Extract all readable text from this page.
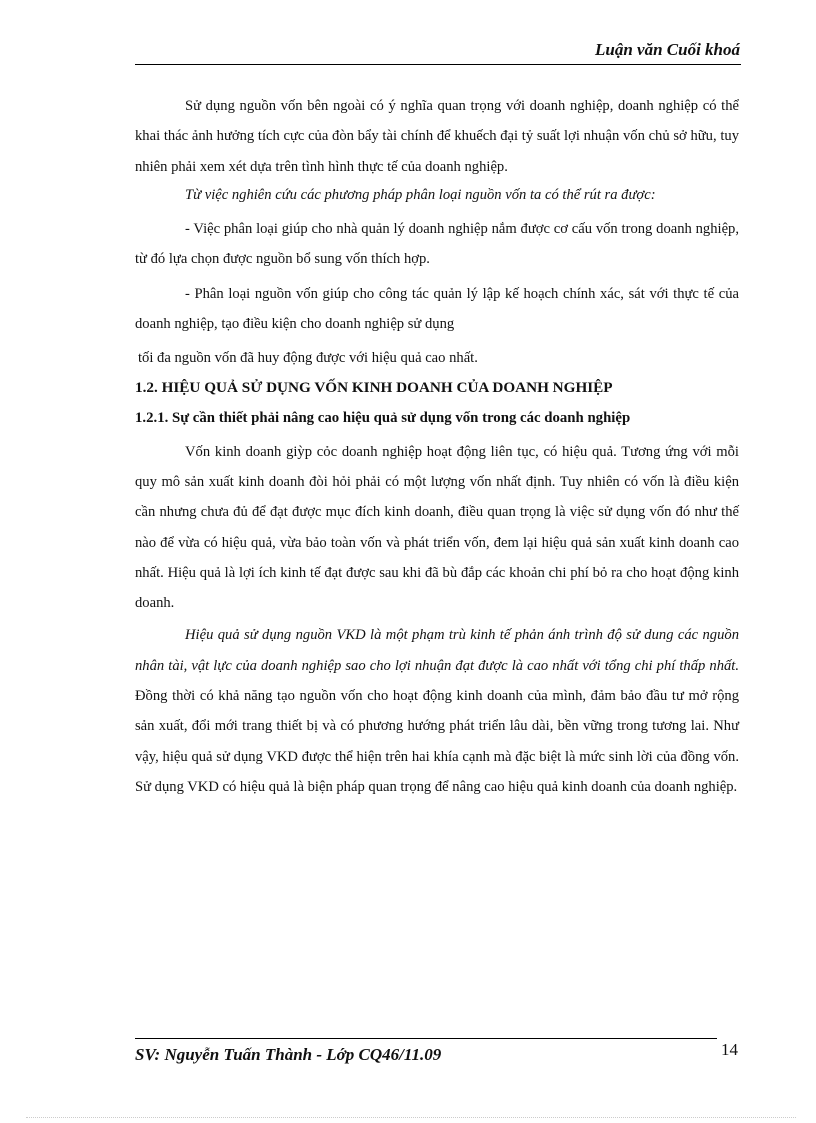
Luận văn Cuối khoá

Sử dụng nguồn vốn bên ngoài có ý nghĩa quan trọng với doanh nghiệp, doanh nghiệp có thể khai thác ảnh hưởng tích cực của đòn bẩy tài chính để khuếch đại tỷ suất lợi nhuận vốn chủ sở hữu, tuy nhiên phải xem xét dựa trên tình hình thực tế của doanh nghiệp.

Từ việc nghiên cứu các phương pháp phân loại nguồn vốn ta có thể rút ra được:

- Việc phân loại giúp cho nhà quản lý doanh nghiệp nắm được cơ cấu vốn trong doanh nghiệp, từ đó lựa chọn được nguồn bổ sung vốn thích hợp.

- Phân loại nguồn vốn giúp cho công tác quản lý lập kế hoạch chính xác, sát với thực tế của doanh nghiệp, tạo điều kiện cho doanh nghiệp sử dụng

tối đa nguồn vốn đã huy động được với hiệu quả cao nhất.

1.2. HIỆU QUẢ SỬ DỤNG VỐN KINH DOANH CỦA DOANH NGHIỆP
1.2.1. Sự cần thiết phải nâng cao hiệu quả sử dụng vốn trong các doanh nghiệp

Vốn kinh doanh giỳp cỏc doanh nghiệp hoạt động liên tục, có hiệu quả. Tương ứng với mỗi quy mô sản xuất kinh doanh đòi hỏi phải có một lượng vốn nhất định. Tuy nhiên có vốn là điều kiện cần nhưng chưa đủ để đạt được mục đích kinh doanh, điều quan trọng là việc sử dụng vốn đó như thế nào để vừa có hiệu quả, vừa bảo toàn vốn và phát triển vốn, đem lại hiệu quả sản xuất kinh doanh cao nhất. Hiệu quả là lợi ích kinh tế đạt được sau khi đã bù đắp các khoản chi phí bỏ ra cho hoạt động kinh doanh.

Hiệu quả sử dụng nguồn VKD là một phạm trù kinh tế phản ánh trình độ sử dung các nguồn nhân tài, vật lực của doanh nghiệp sao cho lợi nhuận đạt được là cao nhất với tổng chi phí thấp nhất. Đồng thời có khả năng tạo nguồn vốn cho hoạt động kinh doanh của mình, đảm bảo đầu tư mở rộng sản xuất, đổi mới trang thiết bị và có phương hướng phát triển lâu dài, bền vững trong tương lai. Như vậy, hiệu quả sử dụng VKD được thể hiện trên hai khía cạnh mà đặc biệt là mức sinh lời của đồng vốn. Sử dụng VKD có hiệu quả là biện pháp quan trọng để nâng cao hiệu quả kinh doanh của doanh nghiệp.

SV: Nguyễn Tuấn Thành - Lớp CQ46/11.09	14
